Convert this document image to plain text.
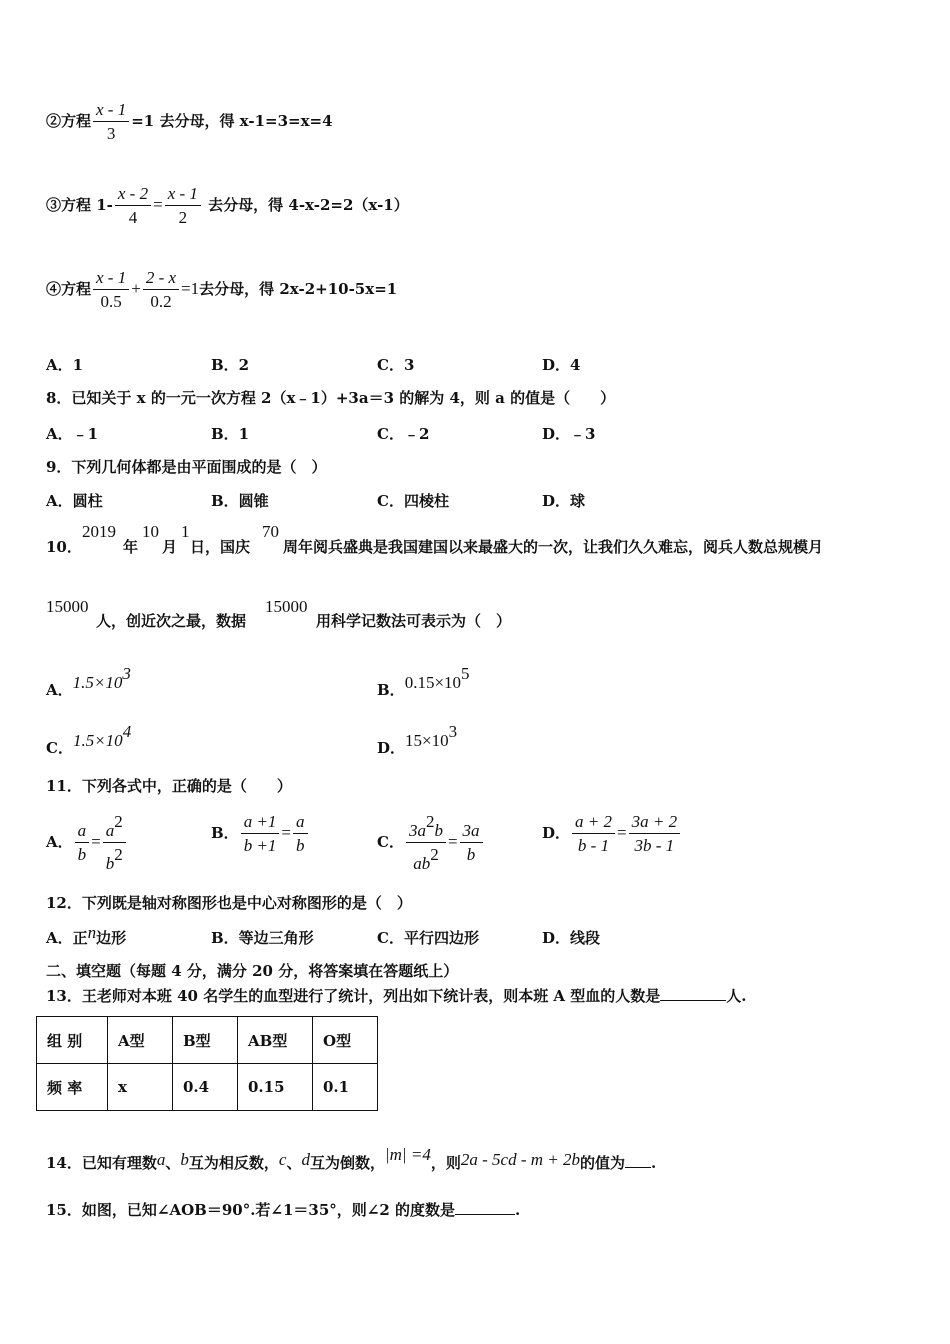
②方程 $\frac{x - 1}{3} =1$ 去分母，得 x-1=3=x=4
③方程 $1- \frac{x - 2}{4} = \frac{x - 1}{2}$ 去分母，得 4-x-2=2（x-1）
④方程 $\frac{x - 1}{0.5} + \frac{2 - x}{0.2} =1$去分母，得 2x-2+10-5x=1
A．1	B．2	C．3	D．4
8．已知关于 x 的一元一次方程 2（x﹣1）+3a＝3 的解为 4，则 a 的值是（　　）
A．﹣1	B．1	C．﹣2	D．﹣3
9．下列几何体都是由平面围成的是（　）
A．圆柱	B．圆锥	C．四棱柱	D．球
10．
2019
年
10
月
1
日，国庆
70
周年阅兵盛典是我国建国以来最盛大的一次，让我们久久难忘，阅兵人数总规模月
15000
人，创近次之最，数据
15000
用科学记数法可表示为（　）
A．$1.5\times 10^3$
B．$0.15\times 10^5$
C．$1.5\times 10^4$
D．$15\times 10^3$
11．下列各式中，正确的是（　　）
A． $\frac{a}{b} = \frac{a^2}{b^2}$	B． $\frac{a +1}{b +1} = \frac{a}{b}$	C． $\frac{3a^2b}{ab^2} = \frac{3a}{b}$	D． $\frac{a + 2}{b - 1} = \frac{3a + 2}{3b - 1}$
12．下列既是轴对称图形也是中心对称图形的是（　）
A．正n边形	B．等边三角形	C．平行四边形	D．线段
二、填空题（每题 4 分，满分 20 分，将答案填在答题纸上）
13．王老师对本班 40 名学生的血型进行了统计，列出如下统计表，则本班 A 型血的人数是	人.
组 别	A型	B型	AB型	O型
频 率	x	0.4	0.15	0.1
14．已知有理数a、b互为相反数，c、d互为倒数，|m| =4，则2a - 5cd - m + 2b的值为 .
15．如图，已知∠AOB＝90°.若∠1＝35°，则∠2 的度数是	.
